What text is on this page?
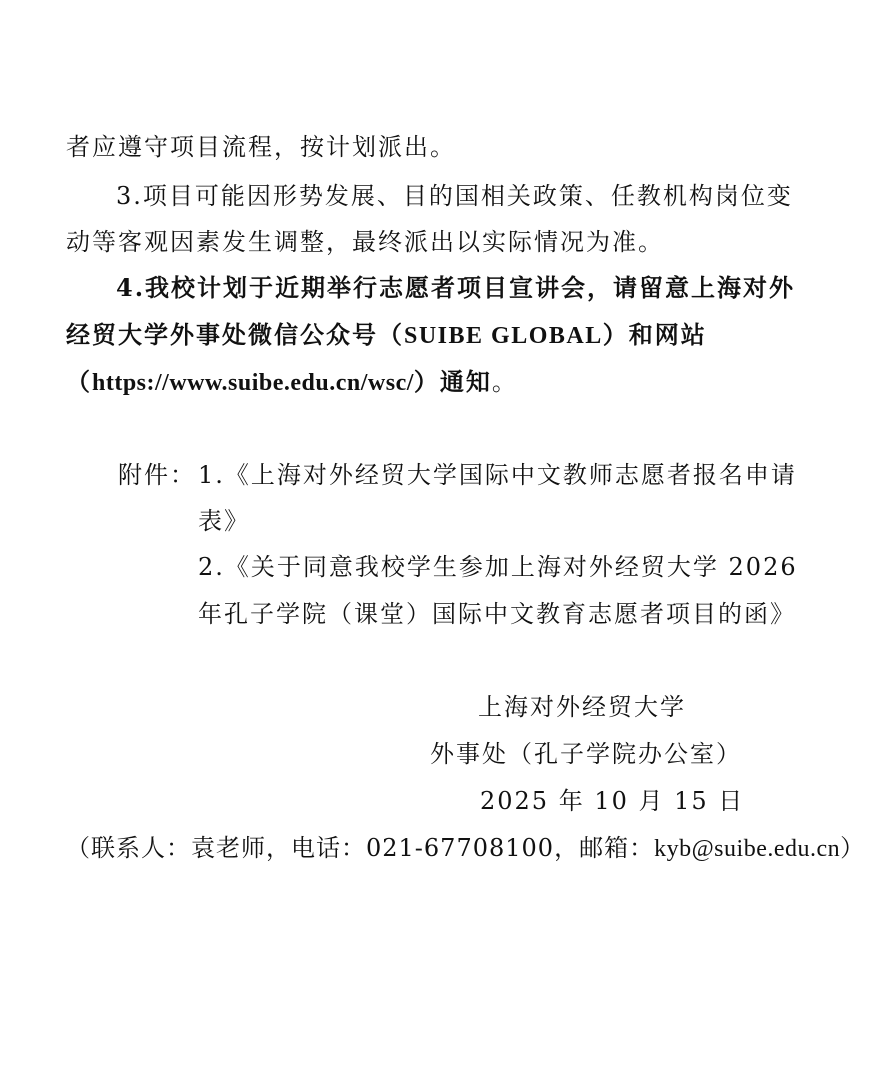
者应遵守项目流程，按计划派出。
3.项目可能因形势发展、目的国相关政策、任教机构岗位变
动等客观因素发生调整，最终派出以实际情况为准。
4.我校计划于近期举行志愿者项目宣讲会，请留意上海对外
经贸大学外事处微信公众号（SUIBE GLOBAL）和网站
（https://www.suibe.edu.cn/wsc/）通知。
附件： 1.《上海对外经贸大学国际中文教师志愿者报名申请
表》
2.《关于同意我校学生参加上海对外经贸大学 2026
年孔子学院（课堂）国际中文教育志愿者项目的函》
上海对外经贸大学
外事处（孔子学院办公室）
2025 年 10 月 15 日
（联系人：袁老师，电话：021-67708100，邮箱：kyb@suibe.edu.cn）
